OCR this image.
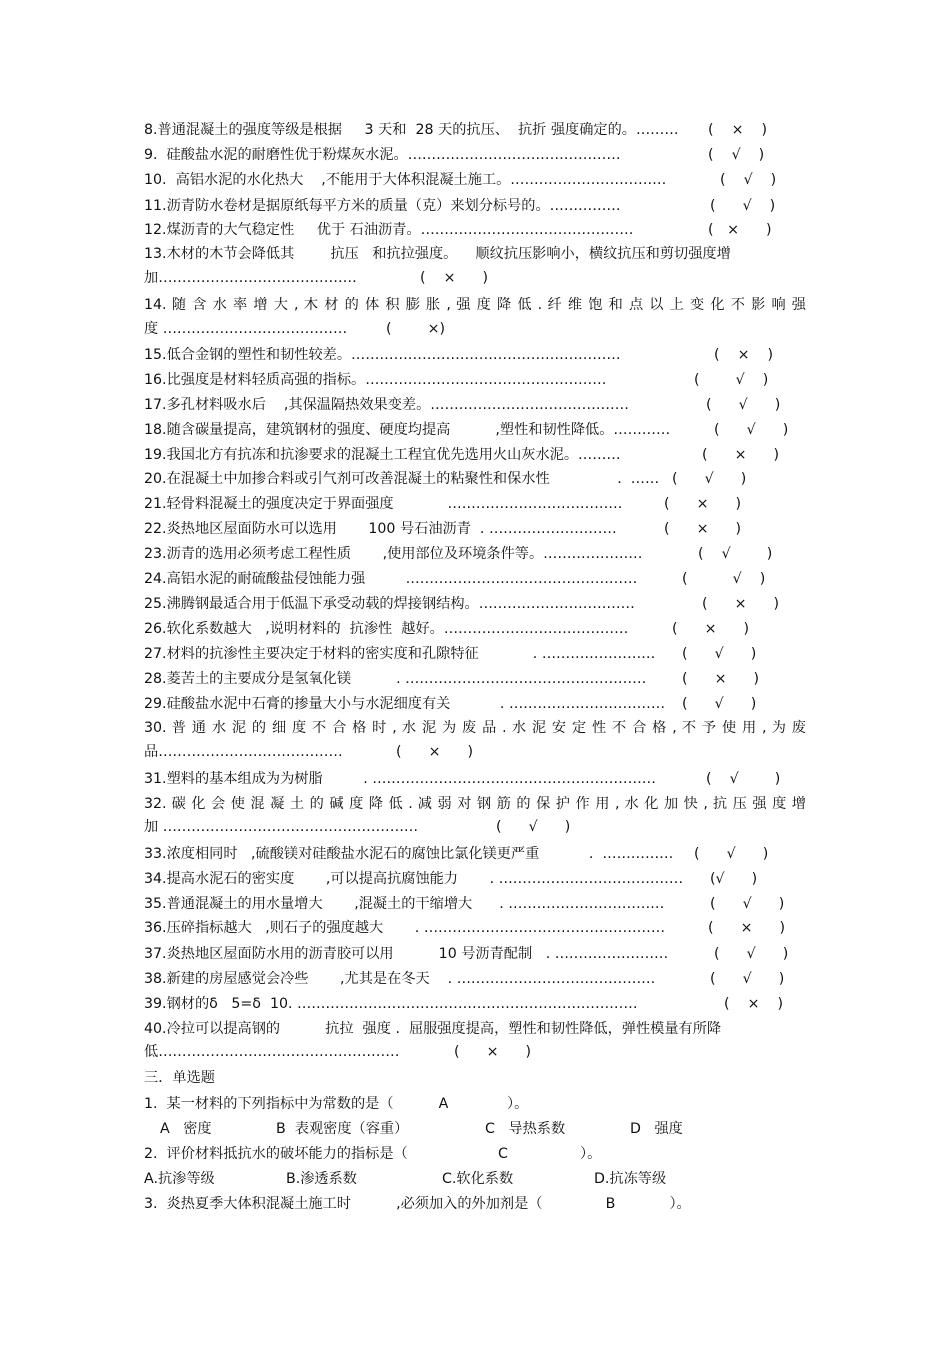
8.普通混凝土的强度等级是根据     3 天和  28 天的抗压、  抗折 强度确定的。……… (    ×    )
9.  硅酸盐水泥的耐磨性优于粉煤灰水泥。………………………………………	(    √    )
10.  高铝水泥的水化热大    ,不能用于大体积混凝土施工。……………………………	(    √    )
11.沥青防水卷材是据原纸每平方米的质量（克）来划分标号的。……………	(      √    )
12.煤沥青的大气稳定性     优于 石油沥青。………………………………………	(   ×      )
13.木材的木节会降低其        抗压   和抗拉强度。    顺纹抗压影响小，横纹抗压和剪切强度增
加……………………………………	(    ×      )
14. 随 含 水 率 增 大 , 木 材 的 体 积 膨 胀 , 强 度 降 低 . 纤 维 饱 和 点 以 上 变 化 不 影 响 强
度 …………………………………	(        ×)
15.低合金钢的塑性和韧性较差。…………………………………………………	(    ×    )
16.比强度是材料轻质高强的指标。……………………………………………	(        √    )
17.多孔材料吸水后    ,其保温隔热效果变差。……………………………………	(      √      )
18.随含碳量提高，建筑钢材的强度、硬度均提高          ,塑性和韧性降低。…………	(      √      )
19.我国北方有抗冻和抗渗要求的混凝土工程宜优先选用火山灰水泥。………	(      ×      )
20.在混凝土中加掺合料或引气剂可改善混凝土的粘聚性和保水性               .  …… (      √      )
21.轻骨料混凝土的强度决定于界面强度            .………………………………	(      ×      )
22.炎热地区屋面防水可以选用       100 号石油沥青  . ………………………	(      ×      )
23.沥青的选用必须考虑工程性质       ,使用部位及环境条件等。…………………	(    √        )
24.高铝水泥的耐硫酸盐侵蚀能力强         .…………………………………………	(          √    )
25.沸腾钢最适合用于低温下承受动载的焊接钢结构。……………………………	(      ×      )
26.软化系数越大   ,说明材料的  抗渗性  越好。…………………………………	(      ×      )
27.材料的抗渗性主要决定于材料的密实度和孔隙特征            . …………………… (      √      )
28.菱苦土的主要成分是氢氧化镁          . ……………………………………………	(      ×      )
29.硅酸盐水泥中石膏的掺量大小与水泥细度有关           . …………………………… (      √      )
30. 普 通 水 泥 的 细 度 不 合 格 时 , 水 泥 为 废 品 . 水 泥 安 定 性 不 合 格 , 不 予 使 用 , 为 废
品…………………………………	(      ×      )
31.塑料的基本组成为为树脂         . ……………………………………………………	(    √        )
32. 碳 化 会 使 混 凝 土 的 碱 度 降 低 . 减 弱 对 钢 筋 的 保 护 作 用 , 水 化 加 快 , 抗 压 强 度 增
加 ………………………………………………	(      √      )
33.浓度相同时   ,硫酸镁对硅酸盐水泥石的腐蚀比氯化镁更严重           .  …………… (      √      )
34.提高水泥石的密实度       ,可以提高抗腐蚀能力       . ………………………………… (√      )
35.普通混凝土的用水量增大       ,混凝土的干缩增大      . ……………………………	(      √      )
36.压碎指标越大   ,则石子的强度越大       . ……………………………………………	(      ×      )
37.炎热地区屋面防水用的沥青胶可以用          10 号沥青配制   . ……………………	(      √      )
38.新建的房屋感觉会冷些       ,尤其是在冬天    . ……………………………………	(      √      )
39.钢材的δ   5=δ  10. ………………………………………………………………	(    ×    )
40.冷拉可以提高钢的          抗拉  强度 .  屈服强度提高，塑性和韧性降低，弹性模量有所降
低……………………………………………	(      ×      )
三．单选题
1.  某一材料的下列指标中为常数的是（          A             ）。
A   密度	B  表观密度（容重）	C   导热系数	D   强度
2.  评价材料抵抗水的破坏能力的指标是（                    C                ）。
A.抗渗等级	B.渗透系数	C.软化系数	D.抗冻等级
3.  炎热夏季大体积混凝土施工时          ,必须加入的外加剂是（              B            ）。
